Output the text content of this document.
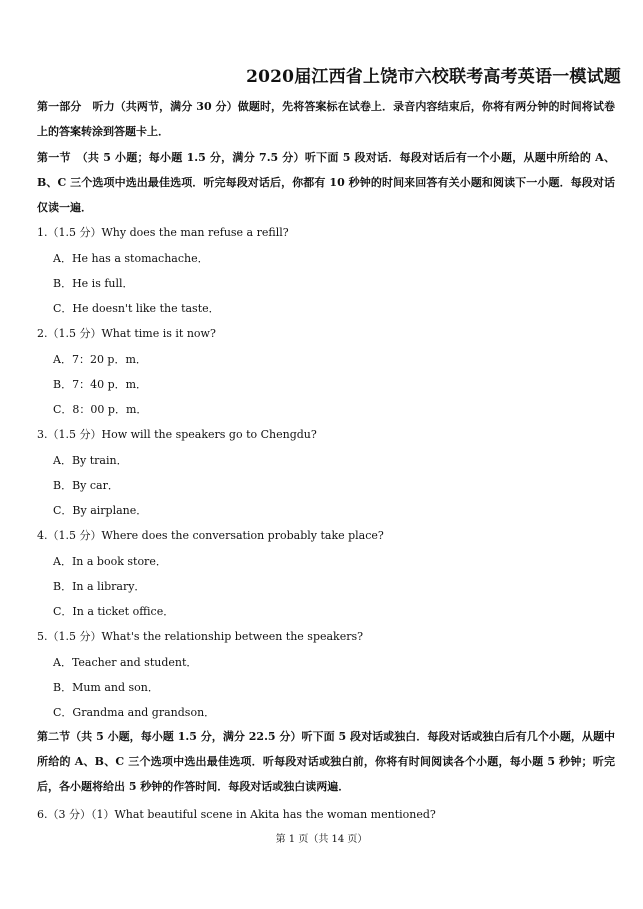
2020届江西省上饶市六校联考高考英语一模试题
第一部分　听力（共两节，满分 30 分）做题时，先将答案标在试卷上．录音内容结束后，你将有两分钟的时间将试卷上的答案转涂到答题卡上．
第一节　（共 5 小题；每小题 1.5 分，满分 7.5 分）听下面 5 段对话．每段对话后有一个小题，从题中所给的 A、B、C 三个选项中选出最佳选项．听完每段对话后，你都有 10 秒钟的时间来回答有关小题和阅读下一小题．每段对话仅读一遍．
1.（1.5 分）Why does the man refuse a refill?
A．He has a stomachache．
B．He is full．
C．He doesn't like the taste．
2.（1.5 分）What time is it now?
A．7：20 p．m．
B．7：40 p．m．
C．8：00 p．m．
3.（1.5 分）How will the speakers go to Chengdu?
A．By train．
B．By car．
C．By airplane．
4.（1.5 分）Where does the conversation probably take place?
A．In a book store．
B．In a library．
C．In a ticket office．
5.（1.5 分）What's the relationship between the speakers?
A．Teacher and student．
B．Mum and son．
C．Grandma and grandson．
第二节（共 5 小题，每小题 1.5 分，满分 22.5 分）听下面 5 段对话或独白．每段对话或独白后有几个小题，从题中所给的 A、B、C 三个选项中选出最佳选项．听每段对话或独白前，你将有时间阅读各个小题，每小题 5 秒钟；听完后，各小题将给出 5 秒钟的作答时间．每段对话或独白读两遍．
6.（3 分）（1）What beautiful scene in Akita has the woman mentioned?
第 1 页（共 14 页）
